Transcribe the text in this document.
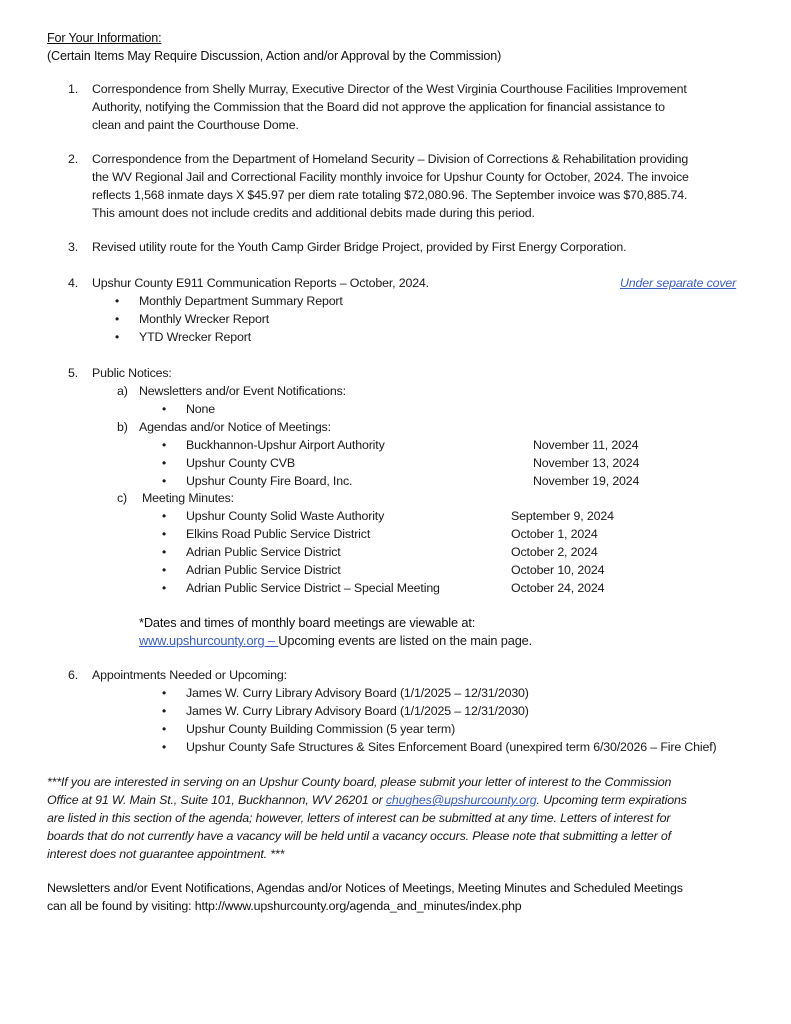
For Your Information:
(Certain Items May Require Discussion, Action and/or Approval by the Commission)
1. Correspondence from Shelly Murray, Executive Director of the West Virginia Courthouse Facilities Improvement
Authority, notifying the Commission that the Board did not approve the application for financial assistance to
clean and paint the Courthouse Dome.
2. Correspondence from the Department of Homeland Security – Division of Corrections & Rehabilitation providing
the WV Regional Jail and Correctional Facility monthly invoice for Upshur County for October, 2024. The invoice
reflects 1,568 inmate days X $45.97 per diem rate totaling $72,080.96. The September invoice was $70,885.74.
This amount does not include credits and additional debits made during this period.
3. Revised utility route for the Youth Camp Girder Bridge Project, provided by First Energy Corporation.
4. Upshur County E911 Communication Reports – October, 2024.	Under separate cover
• Monthly Department Summary Report
• Monthly Wrecker Report
• YTD Wrecker Report
5. Public Notices:
a) Newsletters and/or Event Notifications:
• None
b) Agendas and/or Notice of Meetings:
• Buckhannon-Upshur Airport Authority	November 11, 2024
• Upshur County CVB	November 13, 2024
• Upshur County Fire Board, Inc.	November 19, 2024
c) Meeting Minutes:
• Upshur County Solid Waste Authority	September 9, 2024
• Elkins Road Public Service District	October 1, 2024
• Adrian Public Service District	October 2, 2024
• Adrian Public Service District	October 10, 2024
• Adrian Public Service District – Special Meeting	October 24, 2024
*Dates and times of monthly board meetings are viewable at:
www.upshurcounty.org – Upcoming events are listed on the main page.
6. Appointments Needed or Upcoming:
• James W. Curry Library Advisory Board (1/1/2025 – 12/31/2030)
• James W. Curry Library Advisory Board (1/1/2025 – 12/31/2030)
• Upshur County Building Commission (5 year term)
• Upshur County Safe Structures & Sites Enforcement Board (unexpired term 6/30/2026 – Fire Chief)
***If you are interested in serving on an Upshur County board, please submit your letter of interest to the Commission
Office at 91 W. Main St., Suite 101, Buckhannon, WV 26201 or chughes@upshurcounty.org. Upcoming term expirations
are listed in this section of the agenda; however, letters of interest can be submitted at any time. Letters of interest for
boards that do not currently have a vacancy will be held until a vacancy occurs. Please note that submitting a letter of
interest does not guarantee appointment. ***
Newsletters and/or Event Notifications, Agendas and/or Notices of Meetings, Meeting Minutes and Scheduled Meetings
can all be found by visiting: http://www.upshurcounty.org/agenda_and_minutes/index.php
